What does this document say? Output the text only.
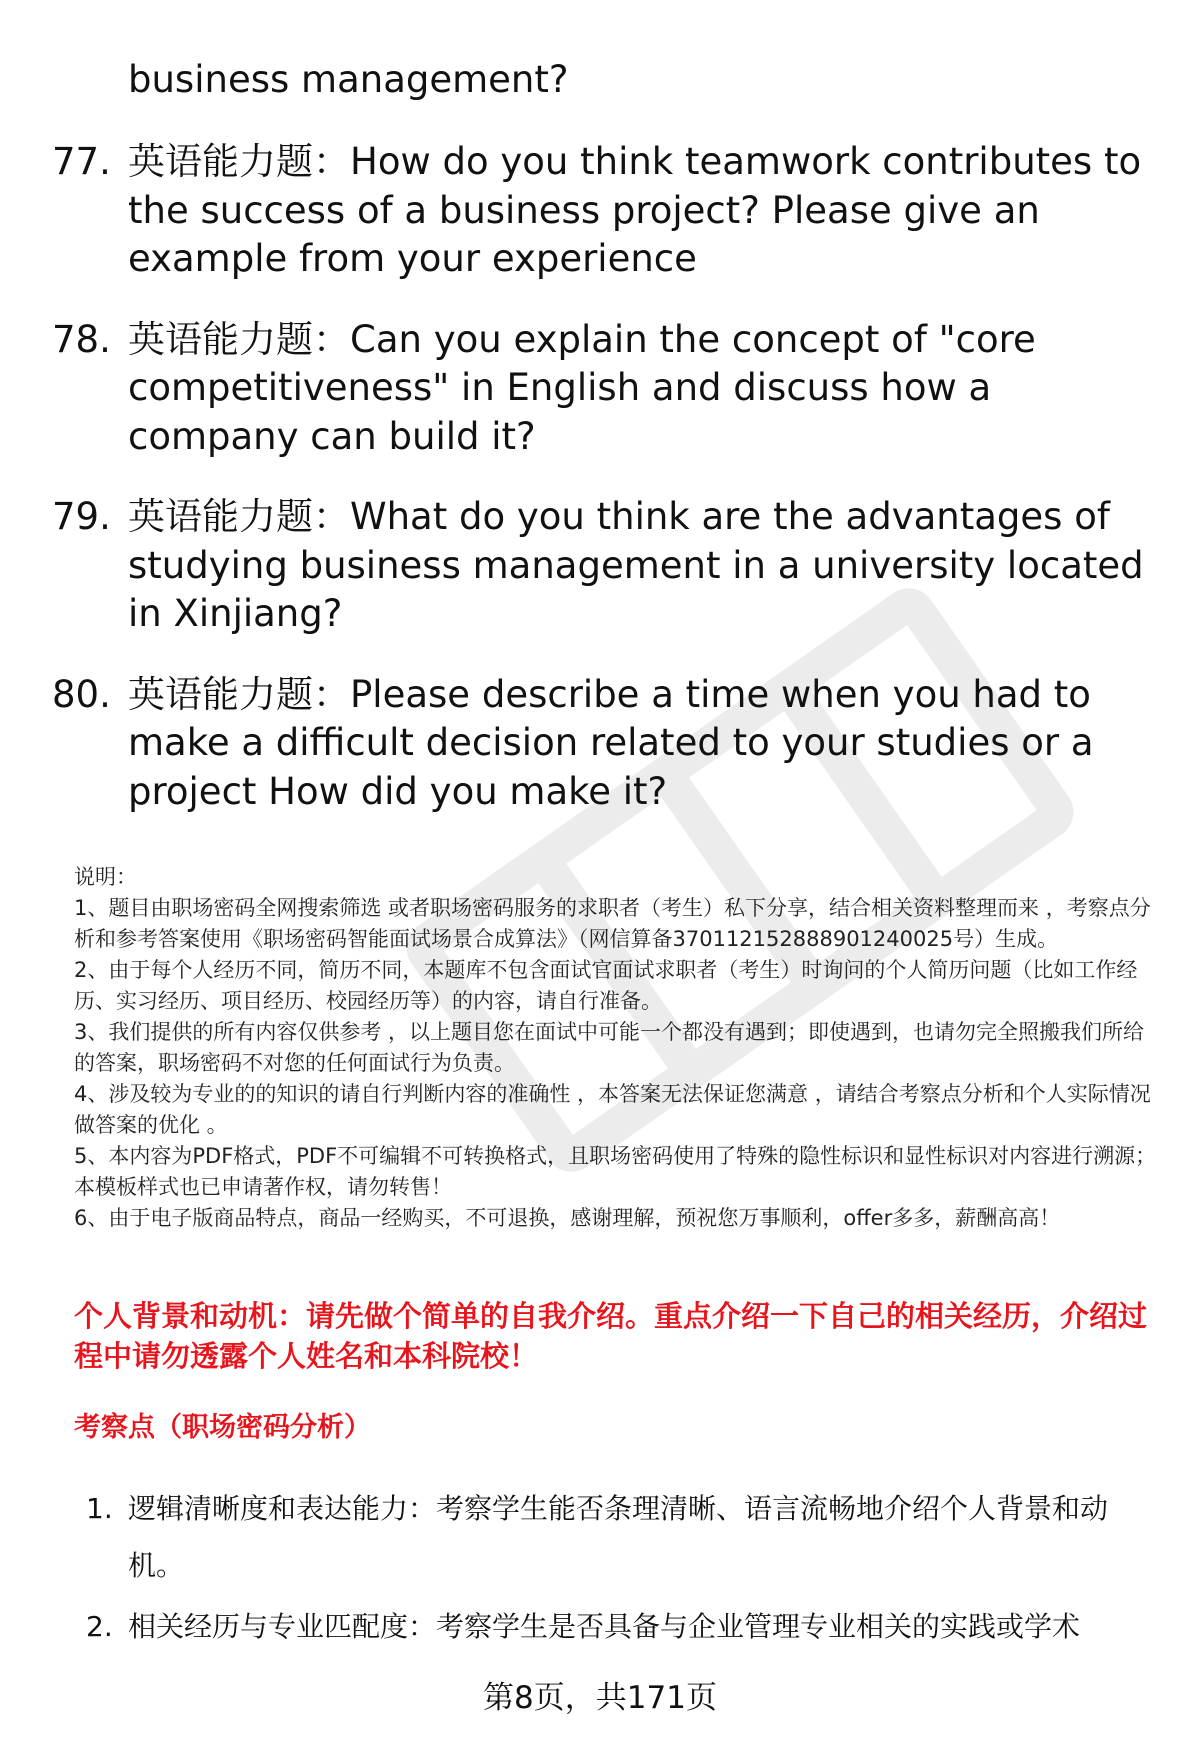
business management?
77. 英语能力题：How do you think teamwork contributes to the success of a business project? Please give an example from your experience
78. 英语能力题：Can you explain the concept of "core competitiveness" in English and discuss how a company can build it?
79. 英语能力题：What do you think are the advantages of studying business management in a university located in Xinjiang?
80. 英语能力题：Please describe a time when you had to make a difficult decision related to your studies or a project How did you make it?

说明：

1、题目由职场密码全网搜索筛选 或者职场密码服务的求职者（考生）私下分享，结合相关资料整理而来 ，考察点分析和参考答案使用《职场密码智能面试场景合成算法》（网信算备370112152888901240025号）生成。

2、由于每个人经历不同，简历不同，本题库不包含面试官面试求职者（考生）时询问的个人简历问题（比如工作经历、实习经历、项目经历、校园经历等）的内容，请自行准备。

3、我们提供的所有内容仅供参考 ，以上题目您在面试中可能一个都没有遇到；即使遇到，也请勿完全照搬我们所给的答案，职场密码不对您的任何面试行为负责。

4、涉及较为专业的的知识的请自行判断内容的准确性 ，本答案无法保证您满意 ，请结合考察点分析和个人实际情况做答案的优化 。

5、本内容为PDF格式，PDF不可编辑不可转换格式，且职场密码使用了特殊的隐性标识和显性标识对内容进行溯源；本模板样式也已申请著作权，请勿转售！

6、由于电子版商品特点，商品一经购买，不可退换，感谢理解，预祝您万事顺利，offer多多，薪酬高高！

个人背景和动机：请先做个简单的自我介绍。重点介绍一下自己的相关经历，介绍过程中请勿透露个人姓名和本科院校！
考察点（职场密码分析）
1. 逻辑清晰度和表达能力：考察学生能否条理清晰、语言流畅地介绍个人背景和动机。
2. 相关经历与专业匹配度：考察学生是否具备与企业管理专业相关的实践或学术
第8页，共171页
